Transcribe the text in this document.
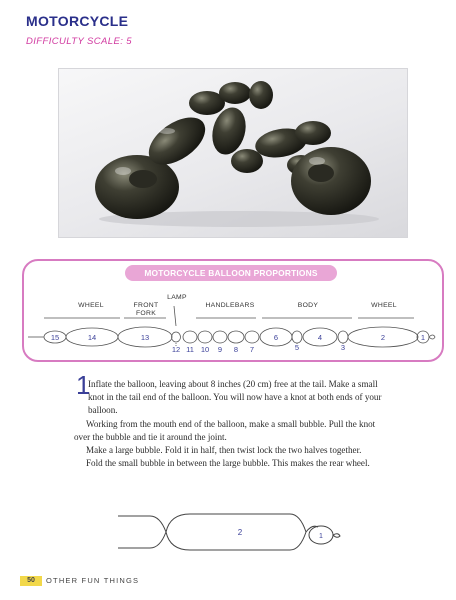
MOTORCYCLE
DIFFICULTY SCALE: 5
MOTORCYCLE BALLOON PROPORTIONS
WHEEL	FRONT
FORK
LAMP
HANDLEBARS	BODY	WHEEL
15	14	13
12 11 10 9 8 7
6
5
4
3
2	1
1

Inflate the balloon, leaving about 8 inches (20 cm) free at the tail. Make a small knot in the tail end of the balloon. You will now have a knot at both ends of your balloon.

Working from the mouth end of the balloon, make a small bubble. Pull the knot over the bubble and tie it around the joint.

Make a large bubble. Fold it in half, then twist lock the two halves together.

Fold the small bubble in between the large bubble. This makes the rear wheel.

2	1
50	OTHER FUN THINGS
